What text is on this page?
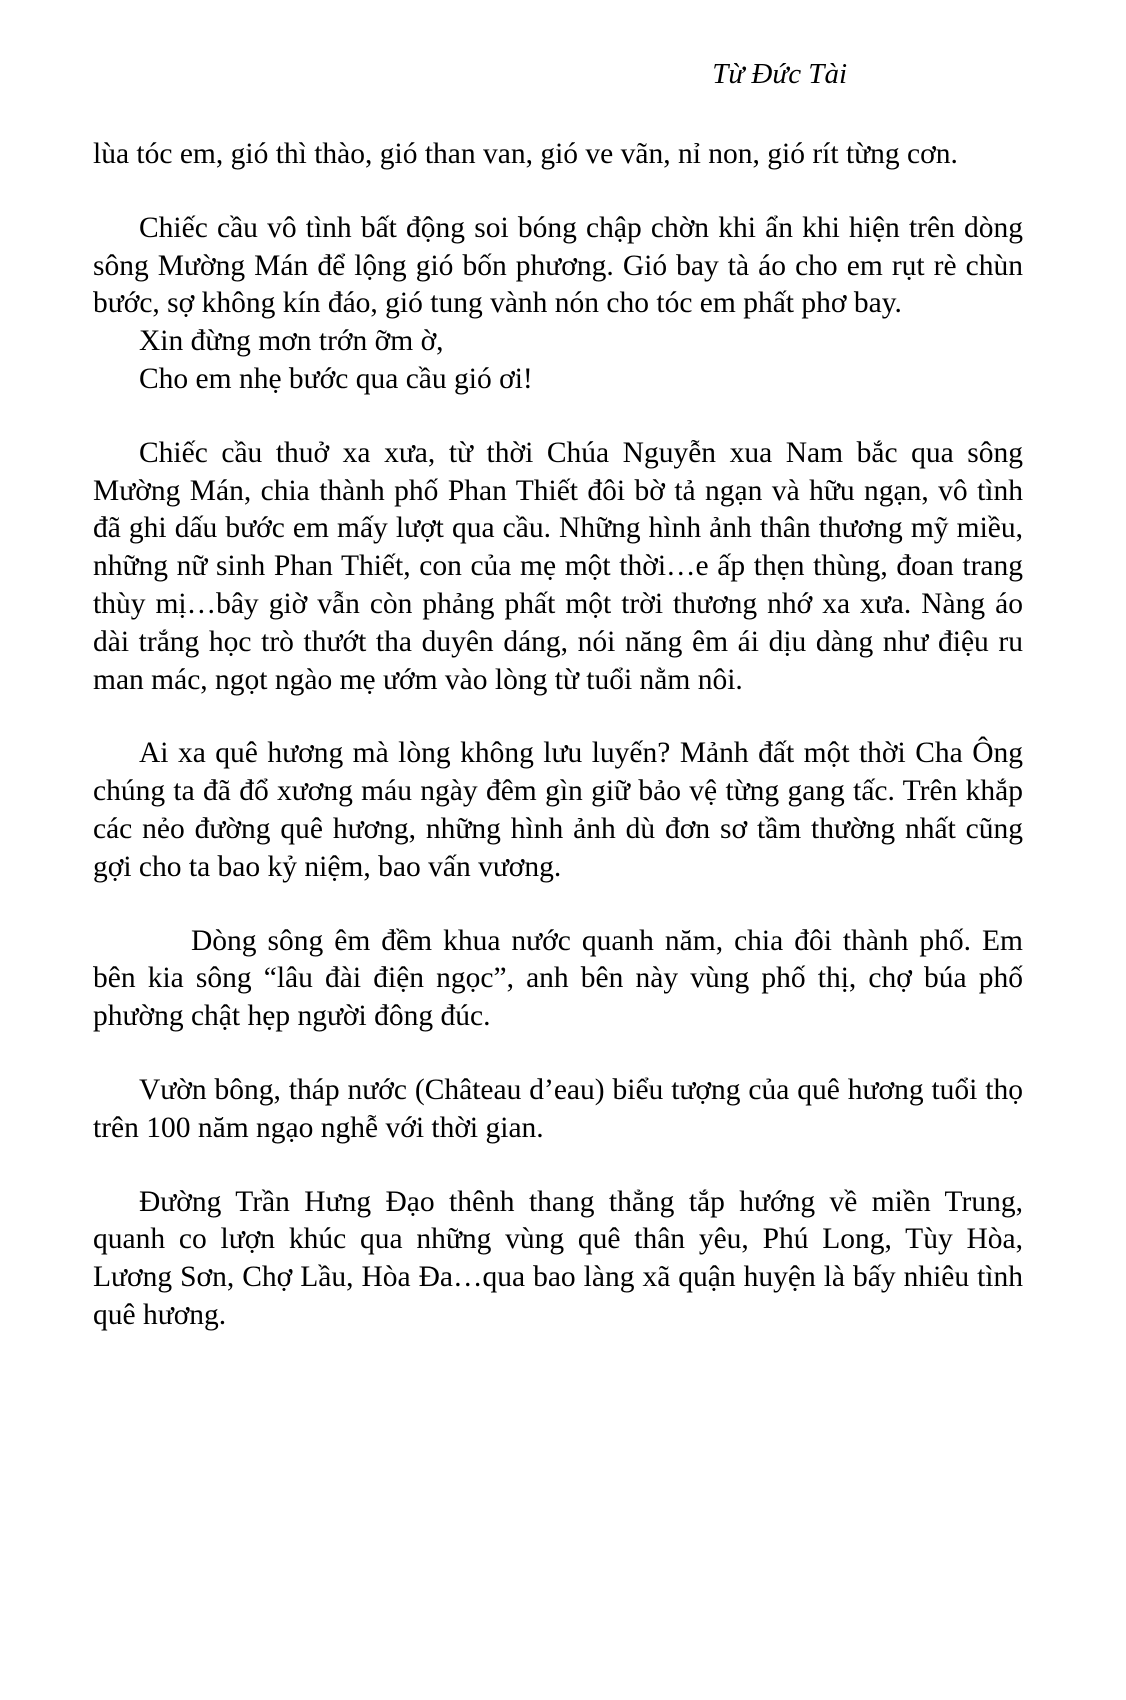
Từ Đức Tài

lùa tóc em, gió thì thào, gió than van, gió ve vãn, nỉ non, gió rít từng cơn.

Chiếc cầu vô tình bất động soi bóng chập chờn khi ẩn khi hiện trên dòng sông Mường Mán để lộng gió bốn phương. Gió bay tà áo cho em rụt rè chùn bước, sợ không kín đáo, gió tung vành nón cho tóc em phất phơ bay.

Xin đừng mơn trớn ỡm ờ,

Cho em nhẹ bước qua cầu gió ơi!

Chiếc cầu thuở xa xưa, từ thời Chúa Nguyễn xua Nam bắc qua sông Mường Mán, chia thành phố Phan Thiết đôi bờ tả ngạn và hữu ngạn, vô tình đã ghi dấu bước em mấy lượt qua cầu. Những hình ảnh thân thương mỹ miều, những nữ sinh Phan Thiết, con của mẹ một thời…e ấp thẹn thùng, đoan trang thùy mị…bây giờ vẫn còn phảng phất một trời thương nhớ xa xưa. Nàng áo dài trắng học trò thướt tha duyên dáng, nói năng êm ái dịu dàng như điệu ru man mác, ngọt ngào mẹ ướm vào lòng từ tuổi nằm nôi.

Ai xa quê hương mà lòng không lưu luyến? Mảnh đất một thời Cha Ông chúng ta đã đổ xương máu ngày đêm gìn giữ bảo vệ từng gang tấc. Trên khắp các nẻo đường quê hương, những hình ảnh dù đơn sơ tầm thường nhất cũng gợi cho ta bao kỷ niệm, bao vấn vương.

Dòng sông êm đềm khua nước quanh năm, chia đôi thành phố. Em bên kia sông “lâu đài điện ngọc”, anh bên này vùng phố thị, chợ búa phố phường chật hẹp người đông đúc.

Vườn bông, tháp nước (Château d’eau) biểu tượng của quê hương tuổi thọ trên 100 năm ngạo nghễ với thời gian.

Đường Trần Hưng Đạo thênh thang thẳng tắp hướng về miền Trung, quanh co lượn khúc qua những vùng quê thân yêu, Phú Long, Tùy Hòa, Lương Sơn, Chợ Lầu, Hòa Đa…qua bao làng xã quận huyện là bấy nhiêu tình quê hương.
